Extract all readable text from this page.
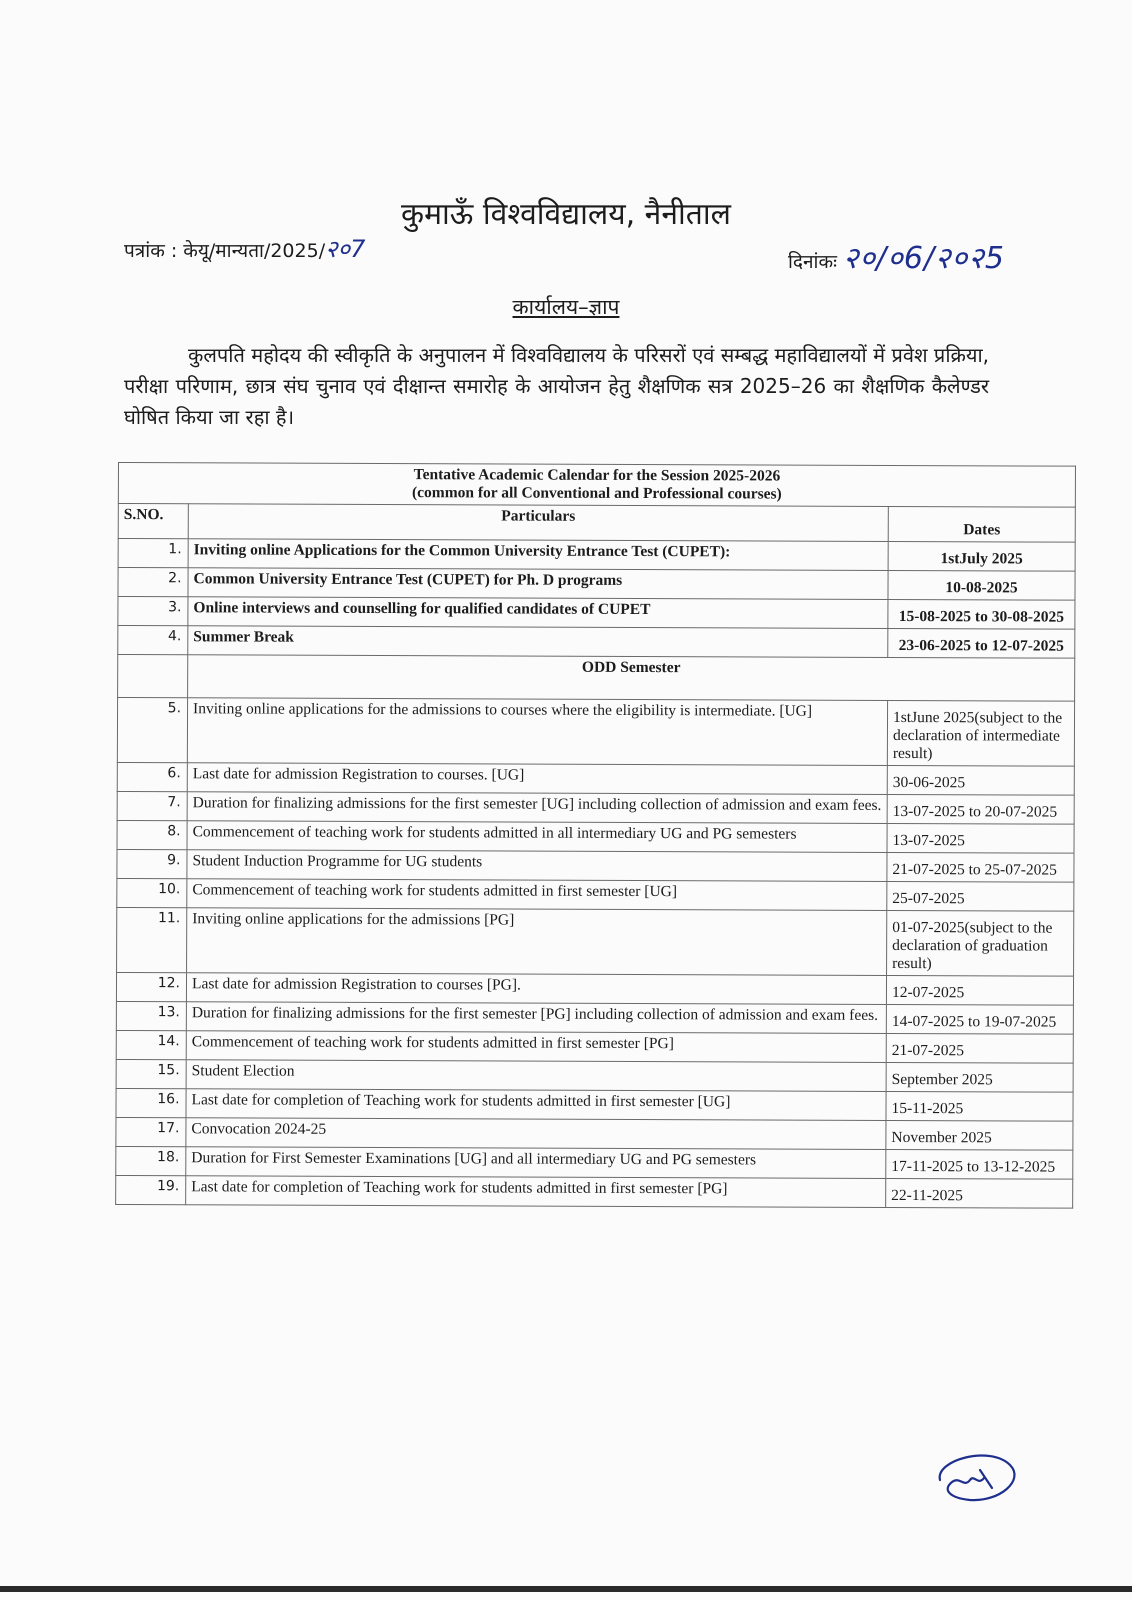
कुमाऊँ विश्वविद्यालय, नैनीताल
पत्रांक : केयू/मान्यता/2025/२०7	दिनांकः २०/०6/२०२5
कार्यालय–ज्ञाप
कुलपति महोदय की स्वीकृति के अनुपालन में विश्वविद्यालय के परिसरों एवं सम्बद्ध महाविद्यालयों में प्रवेश प्रक्रिया, परीक्षा परिणाम, छात्र संघ चुनाव एवं दीक्षान्त समारोह के आयोजन हेतु शैक्षणिक सत्र 2025–26 का शैक्षणिक कैलेण्डर घोषित किया जा रहा है।
Tentative Academic Calendar for the Session 2025-2026
(common for all Conventional and Professional courses)		

S.NO.	Particulars	Dates
1.	Inviting online Applications for the Common University Entrance Test (CUPET):	1stJuly 2025
2.	Common University Entrance Test (CUPET) for Ph. D programs	10-08-2025
3.	Online interviews and counselling for qualified candidates of CUPET	15-08-2025 to 30-08-2025
4.	Summer Break	23-06-2025 to 12-07-2025
	ODD Semester	
5.	Inviting online applications for the admissions to courses where the eligibility is intermediate. [UG]	1stJune 2025(subject to the declaration of intermediate result)
6.	Last date for admission Registration to courses. [UG]	30-06-2025
7.	Duration for finalizing admissions for the first semester [UG] including collection of admission and exam fees.	13-07-2025 to 20-07-2025
8.	Commencement of teaching work for students admitted in all intermediary UG and PG semesters	13-07-2025
9.	Student Induction Programme for UG students	21-07-2025 to 25-07-2025
10.	Commencement of teaching work for students admitted in first semester [UG]	25-07-2025
11.	Inviting online applications for the admissions [PG]	01-07-2025(subject to the declaration of graduation result)
12.	Last date for admission Registration to courses [PG].	12-07-2025
13.	Duration for finalizing admissions for the first semester [PG] including collection of admission and exam fees.	14-07-2025 to 19-07-2025
14.	Commencement of teaching work for students admitted in first semester [PG]	21-07-2025
15.	Student Election	September 2025
16.	Last date for completion of Teaching work for students admitted in first semester [UG]	15-11-2025
17.	Convocation 2024-25	November 2025
18.	Duration for First Semester Examinations [UG] and all intermediary UG and PG semesters	17-11-2025 to 13-12-2025
19.	Last date for completion of Teaching work for students admitted in first semester [PG]	22-11-2025
